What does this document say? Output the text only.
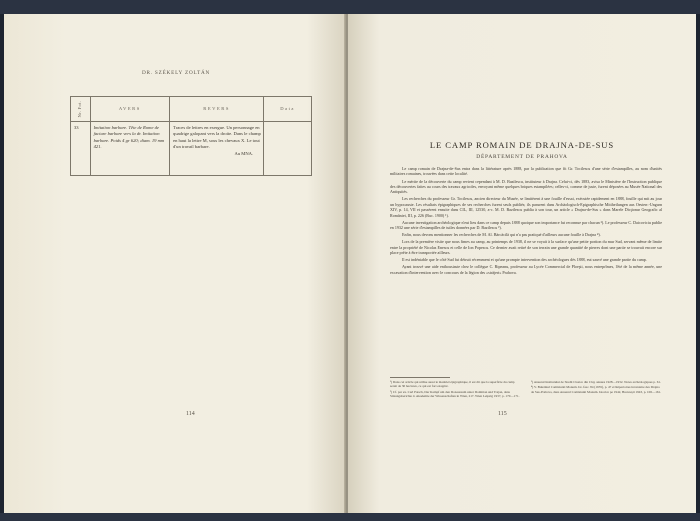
DR. SZÉKELY ZOLTÁN
Nr. Fot.	AVERS	REVERS	Data
33	Imitation barbare. Tête de Rome de facture barbare vers la dr. Imitation barbare. Poids 4 gr 620; diam. 19 mm 421.	Traces de lettres en exergue. Un personnage en quadrige galopant vers la droite. Dans le champ en haut la lettre M, sous les chevaux X. Le tout d'un travail barbare.
Au MNA.	

114
LE CAMP ROMAIN DE DRAJNA-DE-SUS
DÉPARTEMENT DE PRAHOVA

Le camp romain de Drajna-de-Sus entra dans la littérature après 1888, par la publication que fit Gr. Tocilescu d'une série d'estampilles, au nom d'unités militaires romaines, trouvées dans cette localité.

Le mérite de la découverte du camp revient cependant à M. D. Bazilescu, instituteur à Drajna. Celui-ci, dès 1883, avisa le Ministère de l'Instruction publique des découvertes faites au cours des travaux agricoles, envoyant même quelques briques estampilées; celles-ci, comme de juste, furent déposées au Musée National des Antiquités.

Les recherches du professeur Gr. Tocilescu, ancien directeur du Musée, se limitèrent à une fouille d'essai, exécutée rapidement en 1888, fouille qui mit au jour un hypocauste. Les résultats épigraphiques de ses recherches furent seuls publiés; ils parurent dans Archäologisch-Epigraphische Mittheilungen aus Oesterr.-Ungarn XIV, p. 14, VII et passèrent ensuite dans CIL, III, 12530, a-c. M. D. Bazilescu publia à son tour, un article « Drajna-de-Sus » dans Marele Dicţionar Geografic al României, III, p. 226 (Buc. 1900) ¹).

Aucune investigation archéologique n'eut lieu dans ce camp depuis 1888 quoique son importance fut reconnue par chacun ²). Le professeur C. Daicoviciu publie en 1932 une série d'estampilles de tuiles données par D. Bazilescu ³).

Enfin, nous devons mentionner les recherches de M. Al. Bărcăcilă qui n'a pas pratiqué d'ailleurs aucune fouille à Drajna ⁴).

Lors de la première visite que nous fimes au camp, au printemps de 1938, il ne se voyait à la surface qu'une petite portion du mur Sud, servant même de limite entre la propriété de Nicolas Enescu et celle de Ion Popescu. Ce dernier avait retiré de son terrain une grande quantité de pierres dont une partie se trouvait encore sur place prête à être transportée ailleurs.

Il est indéniable que le côté Sud fut détruit récemment et qu'une prompte intervention des archéologues dès 1888, eut sauvé une grande partie du camp.

Ayant trouvé une aide enthousiaste chez le collègue C. Ripeanu, professeur au Lycée Commercial de Ploeşti, nous entreprîmes, l'été de la même année, une excavation d'intervention avec le concours de la légion des «străjeri» Prahova.

¹) Dans cet article qui utilise aussi le matériel épigraphique, il est dit que la superficie du camp serait de 30 hectares, ce qui est fort exagéré.

²) Cf. par ex. Carl Patsch, Der Kampf um den Donauraum unter Domitian und Trajan, dans Sitzungsberichte d. Akademie der Wissenschaften in Wien, 217. Wien Leipzig 1937, p. 170—171.

³) Anuarul Institutului de Studii Clasice din Cluj, années 1928—1932. Notes archéologiques p. 61.

⁴) V. Buletinul Comisiunii Monum. Ist. fasc. 84 (1935), p. 47 et Répertoires inventaire des Drajna de Sus-Prahova, dans Anuarul Comisiunii Monum. Istorice pe 1942, Bucureşti 1943, p. 106—161.

115
